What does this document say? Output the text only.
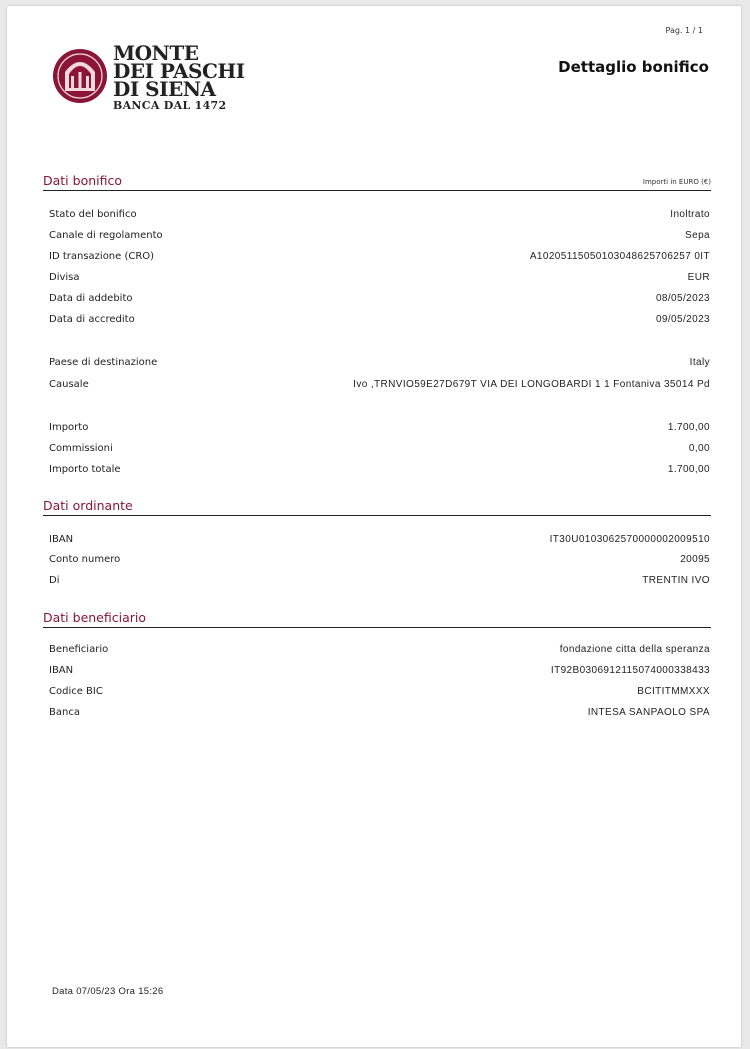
MONTE
DEI PASCHI
DI SIENA
BANCA DAL 1472
Pag. 1 / 1
Dettaglio bonifico
Dati bonifico	Importi in EURO (€)
Stato del bonifico	Inoltrato
Canale di regolamento	Sepa
ID transazione (CRO)	A10205115050103048625706257 0IT
Divisa	EUR
Data di addebito	08/05/2023
Data di accredito	09/05/2023
Paese di destinazione	Italy
Causale	Ivo ,TRNVIO59E27D679T VIA DEI LONGOBARDI 1 1 Fontaniva 35014 Pd
Importo	1.700,00
Commissioni	0,00
Importo totale	1.700,00
Dati ordinante
IBAN	IT30U0103062570000002009510
Conto numero	20095
Di	TRENTIN IVO
Dati beneficiario
Beneficiario	fondazione citta della speranza
IBAN	IT92B0306912115074000338433
Codice BIC	BCITITMMXXX
Banca	INTESA SANPAOLO SPA
Data 07/05/23 Ora 15:26
